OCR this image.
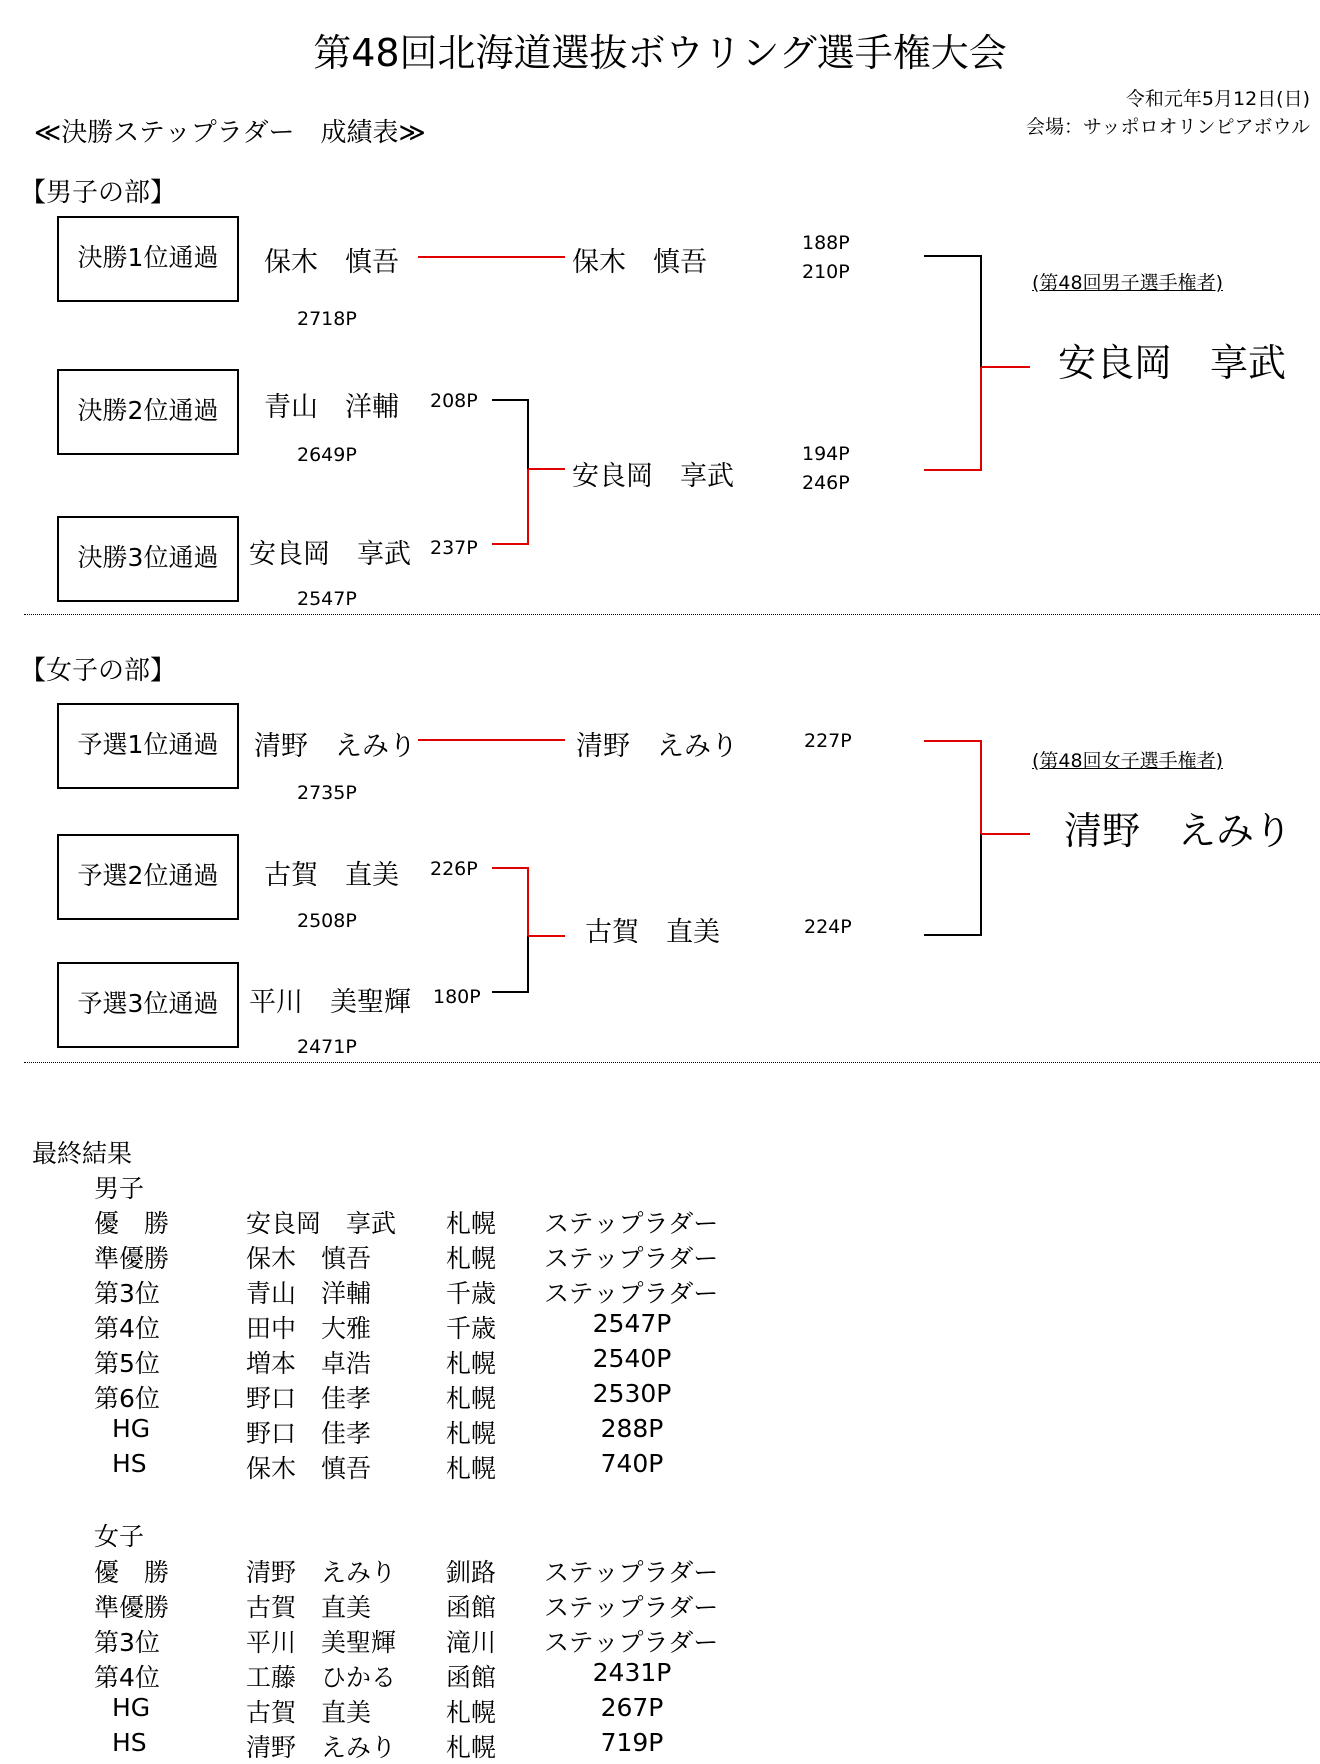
第48回北海道選抜ボウリング選手権大会
≪決勝ステップラダー　成績表≫
令和元年5月12日(日)
会場：サッポロオリンピアボウル
【男子の部】
決勝1位通過	保木　慎吾
2718P
決勝2位通過	青山　洋輔 208P
2649P
決勝3位通過	安良岡　享武 237P
2547P
保木　慎吾
188P
210P
安良岡　享武
194P
246P
(第48回男子選手権者)
安良岡　享武
【女子の部】
予選1位通過	清野　えみり
2735P
予選2位通過	古賀　直美 226P
2508P
予選3位通過	平川　美聖輝 180P
2471P
清野　えみり	227P
古賀　直美	224P
(第48回女子選手権者)
清野　えみり
最終結果
男子
優　勝	安良岡　享武	札幌	ステップラダー
準優勝	保木　慎吾	札幌	ステップラダー
第3位	青山　洋輔	千歳	ステップラダー
第4位	田中　大雅	千歳	2547P
第5位	増本　卓浩	札幌	2540P
第6位	野口　佳孝	札幌	2530P
HG	野口　佳孝	札幌	288P
HS	保木　慎吾	札幌	740P
女子
優　勝	清野　えみり	釧路	ステップラダー
準優勝	古賀　直美	函館	ステップラダー
第3位	平川　美聖輝	滝川	ステップラダー
第4位	工藤　ひかる	函館	2431P
HG	古賀　直美	札幌	267P
HS	清野　えみり	札幌	719P
